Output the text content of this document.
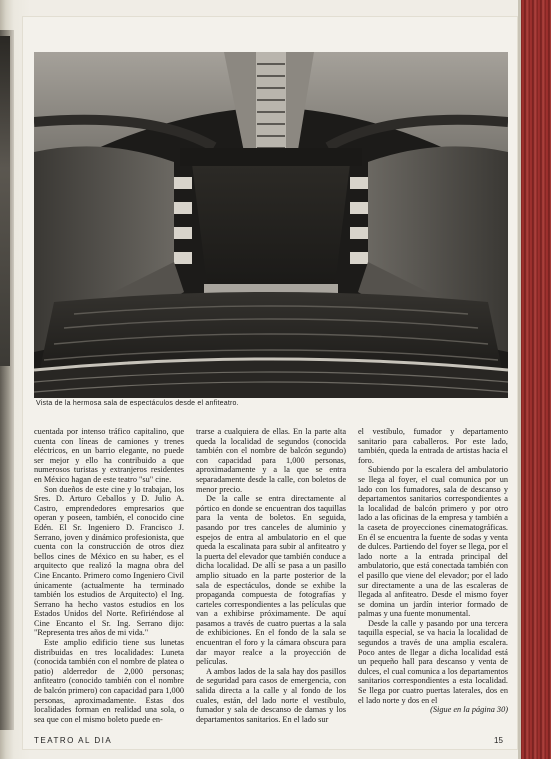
Vista de la hermosa sala de espectáculos desde el anfiteatro.

cuentada por intenso tráfico capitalino, que cuenta con líneas de camiones y trenes eléctricos, en un barrio elegante, no puede ser mejor y ello ha contribuido a que numerosos turistas y extranjeros residentes en México hagan de este teatro "su" cine.

Son dueños de este cine y lo trabajan, los Sres. D. Arturo Ceballos y D. Julio A. Castro, emprendedores empresarios que operan y poseen, también, el conocido cine Edén. El Sr. Ingeniero D. Francisco J. Serrano, joven y dinámico profesionista, que cuenta con la construcción de otros diez bellos cines de México en su haber, es el arquitecto que realizó la magna obra del Cine Encanto. Primero como Ingeniero Civil únicamente (actualmente ha terminado también los estudios de Arquitecto) el Ing. Serrano ha hecho vastos estudios en los Estados Unidos del Norte. Refiriéndose al Cine Encanto el Sr. Ing. Serrano dijo: "Representa tres años de mi vida."

Este amplio edificio tiene sus lunetas distribuidas en tres localidades: Luneta (conocida también con el nombre de platea o patio) alderredor de 2,000 personas; anfiteatro (conocido también con el nombre de balcón primero) con capacidad para 1,000 personas, aproximadamente. Estas dos localidades forman en realidad una sola, o sea que con el mismo boleto puede en-

trarse a cualquiera de ellas. En la parte alta queda la localidad de segundos (conocida también con el nombre de balcón segundo) con capacidad para 1,000 personas, aproximadamente y a la que se entra separadamente desde la calle, con boletos de menor precio.

De la calle se entra directamente al pórtico en donde se encuentran dos taquillas para la venta de boletos. En seguida, pasando por tres canceles de aluminio y espejos de entra al ambulatorio en el que queda la escalinata para subir al anfiteatro y la puerta del elevador que también conduce a dicha localidad. De allí se pasa a un pasillo amplio situado en la parte posterior de la sala de espectáculos, donde se exhibe la propaganda compuesta de fotografías y carteles correspondientes a las películas que van a exhibirse próximamente. De aquí pasamos a través de cuatro puertas a la sala de exhibiciones. En el fondo de la sala se encuentran el foro y la cámara obscura para dar mayor realce a la proyección de películas.

A ambos lados de la sala hay dos pasillos de seguridad para casos de emergencia, con salida directa a la calle y al fondo de los cuales, están, del lado norte el vestíbulo, fumador y sala de descanso de damas y los departamentos sanitarios. En el lado sur

el vestíbulo, fumador y departamento sanitario para caballeros. Por este lado, también, queda la entrada de artistas hacia el foro.

Subiendo por la escalera del ambulatorio se llega al foyer, el cual comunica por un lado con los fumadores, sala de descanso y departamentos sanitarios correspondientes a la localidad de balcón primero y por otro lado a las oficinas de la empresa y también a la caseta de proyecciones cinematográficas. En él se encuentra la fuente de sodas y venta de dulces. Partiendo del foyer se llega, por el lado norte a la entrada principal del ambulatorio, que está conectada también con el pasillo que viene del elevador; por el lado sur directamente a una de las escaleras de llegada al anfiteatro. Desde el mismo foyer se domina un jardín interior formado de palmas y una fuente monumental.

Desde la calle y pasando por una tercera taquilla especial, se va hacia la localidad de segundos a través de una amplia escalera. Poco antes de llegar a dicha localidad está un pequeño hall para descanso y venta de dulces, el cual comunica a los departamentos sanitarios correspondientes a esta localidad. Se llega por cuatro puertas laterales, dos en el lado norte y dos en el

(Sigue en la página 30)

TEATRO AL DIA	15
